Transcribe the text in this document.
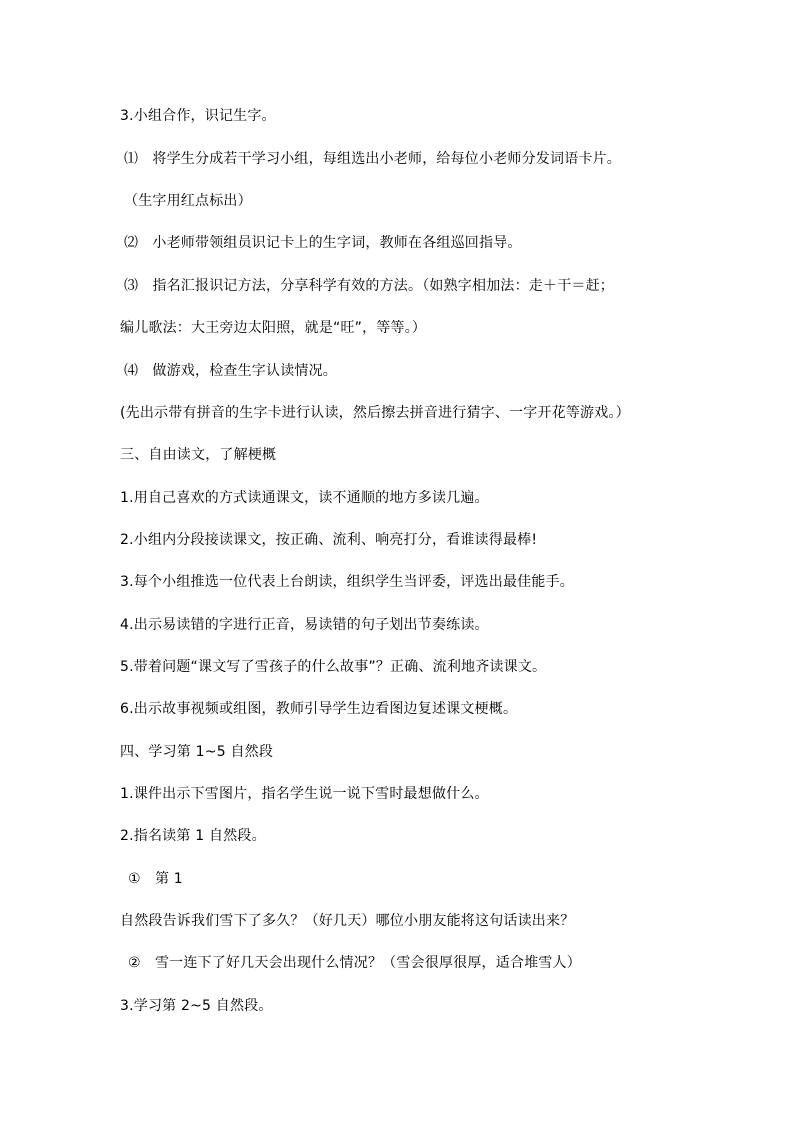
3.小组合作，识记生字。
⑴　将学生分成若干学习小组，每组选出小老师，给每位小老师分发词语卡片。
（生字用红点标出）
⑵　小老师带领组员识记卡上的生字词，教师在各组巡回指导。
⑶　指名汇报识记方法，分享科学有效的方法。（如熟字相加法：走＋干＝赶；
编儿歌法：大王旁边太阳照，就是“旺”，等等。）
⑷　做游戏，检查生字认读情况。
(先出示带有拼音的生字卡进行认读，然后擦去拼音进行猜字、一字开花等游戏。）
三、自由读文，了解梗概
1.用自己喜欢的方式读通课文，读不通顺的地方多读几遍。
2.小组内分段接读课文，按正确、流利、响亮打分，看谁读得最棒!
3.每个小组推选一位代表上台朗读，组织学生当评委，评选出最佳能手。
4.出示易读错的字进行正音，易读错的句子划出节奏练读。
5.带着问题“课文写了雪孩子的什么故事”？正确、流利地齐读课文。
6.出示故事视频或组图，教师引导学生边看图边复述课文梗概。
四、学习第 1~5 自然段
1.课件出示下雪图片，指名学生说一说下雪时最想做什么。
2.指名读第 1 自然段。
①　第 1
自然段告诉我们雪下了多久？（好几天）哪位小朋友能将这句话读出来？
②　雪一连下了好几天会出现什么情况？（雪会很厚很厚，适合堆雪人）
3.学习第 2~5 自然段。
